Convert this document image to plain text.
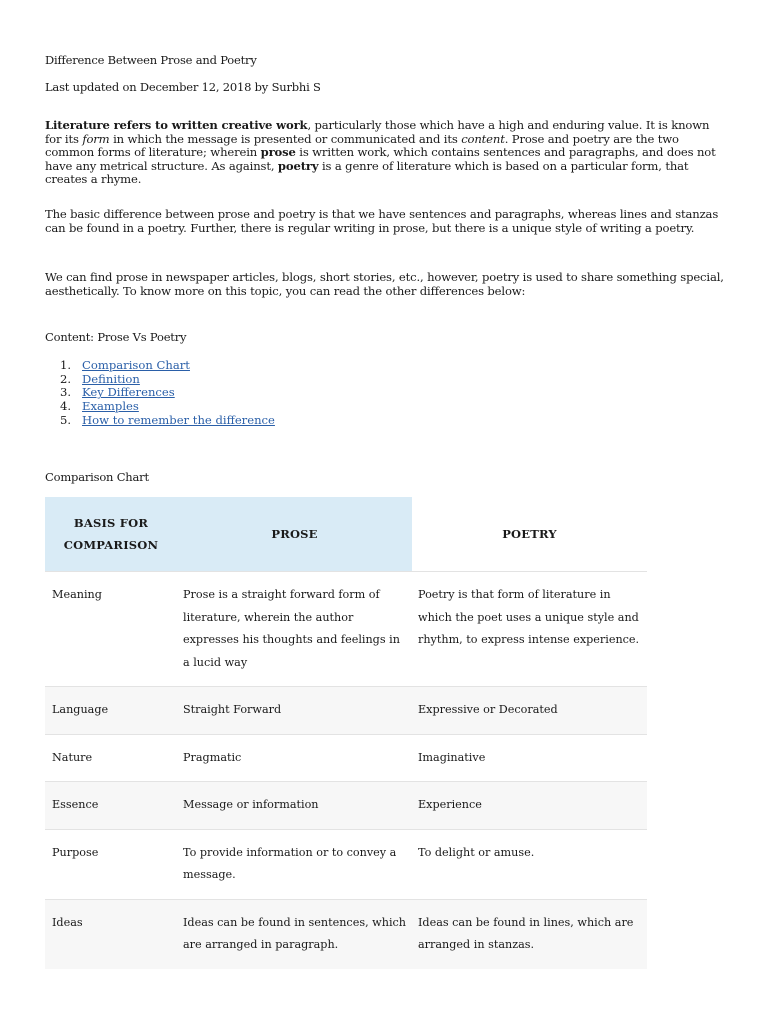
Difference Between Prose and Poetry
Last updated on December 12, 2018 by Surbhi S
Literature refers to written creative work, particularly those which have a high and enduring value. It is known for its form in which the message is presented or communicated and its content. Prose and poetry are the two common forms of literature; wherein prose is written work, which contains sentences and paragraphs, and does not have any metrical structure. As against, poetry is a genre of literature which is based on a particular form, that creates a rhyme.
The basic difference between prose and poetry is that we have sentences and paragraphs, whereas lines and stanzas can be found in a poetry. Further, there is regular writing in prose, but there is a unique style of writing a poetry.
We can find prose in newspaper articles, blogs, short stories, etc., however, poetry is used to share something special, aesthetically. To know more on this topic, you can read the other differences below:
Content: Prose Vs Poetry
1. Comparison Chart
2. Definition
3. Key Differences
4. Examples
5. How to remember the difference
Comparison Chart
BASIS FOR
COMPARISON	PROSE	POETRY
Meaning	Prose is a straight forward form of literature, wherein the author expresses his thoughts and feelings in a lucid way	Poetry is that form of literature in which the poet uses a unique style and rhythm, to express intense experience.
Language	Straight Forward	Expressive or Decorated
Nature	Pragmatic	Imaginative
Essence	Message or information	Experience
Purpose	To provide information or to convey a message.	To delight or amuse.
Ideas	Ideas can be found in sentences, which are arranged in paragraph.	Ideas can be found in lines, which are arranged in stanzas.
